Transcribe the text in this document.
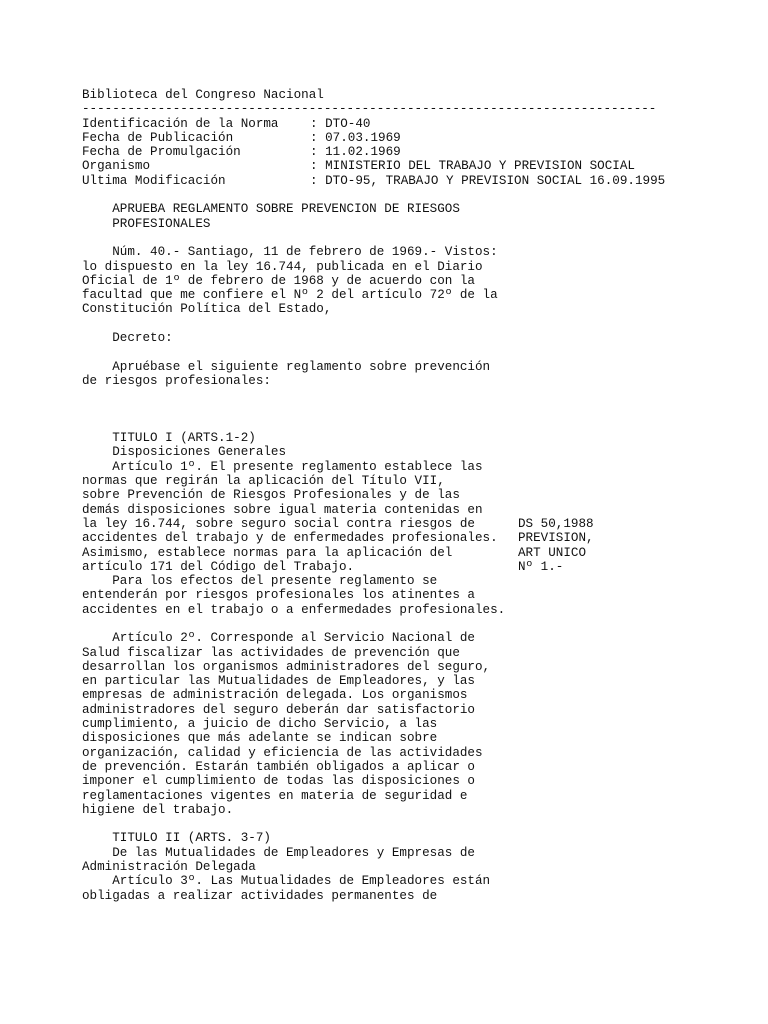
Biblioteca del Congreso Nacional
----------------------------------------------------------------------------

Identificación de la Norma

	: DTO-40

Fecha de Publicación

	: 07.03.1969

Fecha de Promulgación

	: 11.02.1969

Organismo

	: MINISTERIO DEL TRABAJO Y PREVISION SOCIAL

Ultima Modificación

	: DTO-95, TRABAJO Y PREVISION SOCIAL 16.09.1995

APRUEBA REGLAMENTO SOBRE PREVENCION DE RIESGOS
PROFESIONALES
Núm. 40.- Santiago, 11 de febrero de 1969.- Vistos:
lo dispuesto en la ley 16.744, publicada en el Diario
Oficial de 1º de febrero de 1968 y de acuerdo con la
facultad que me confiere el Nº 2 del artículo 72º de la
Constitución Política del Estado,
Decreto:
Apruébase el siguiente reglamento sobre prevención
de riesgos profesionales:
TITULO I (ARTS.1-2)
Disposiciones Generales
Artículo 1º. El presente reglamento establece las
normas que regirán la aplicación del Título VII,
sobre Prevención de Riesgos Profesionales y de las
demás disposiciones sobre igual materia contenidas en
la ley 16.744, sobre seguro social contra riesgos de	DS 50,1988
accidentes del trabajo y de enfermedades profesionales. PREVISION,
Asimismo, establece normas para la aplicación del	ART UNICO
artículo 171 del Código del Trabajo.	Nº 1.-
Para los efectos del presente reglamento se
entenderán por riesgos profesionales los atinentes a
accidentes en el trabajo o a enfermedades profesionales.
Artículo 2º. Corresponde al Servicio Nacional de
Salud fiscalizar las actividades de prevención que
desarrollan los organismos administradores del seguro,
en particular las Mutualidades de Empleadores, y las
empresas de administración delegada. Los organismos
administradores del seguro deberán dar satisfactorio
cumplimiento, a juicio de dicho Servicio, a las
disposiciones que más adelante se indican sobre
organización, calidad y eficiencia de las actividades
de prevención. Estarán también obligados a aplicar o
imponer el cumplimiento de todas las disposiciones o
reglamentaciones vigentes en materia de seguridad e
higiene del trabajo.
TITULO II (ARTS. 3-7)
De las Mutualidades de Empleadores y Empresas de
Administración Delegada
Artículo 3º. Las Mutualidades de Empleadores están
obligadas a realizar actividades permanentes de
